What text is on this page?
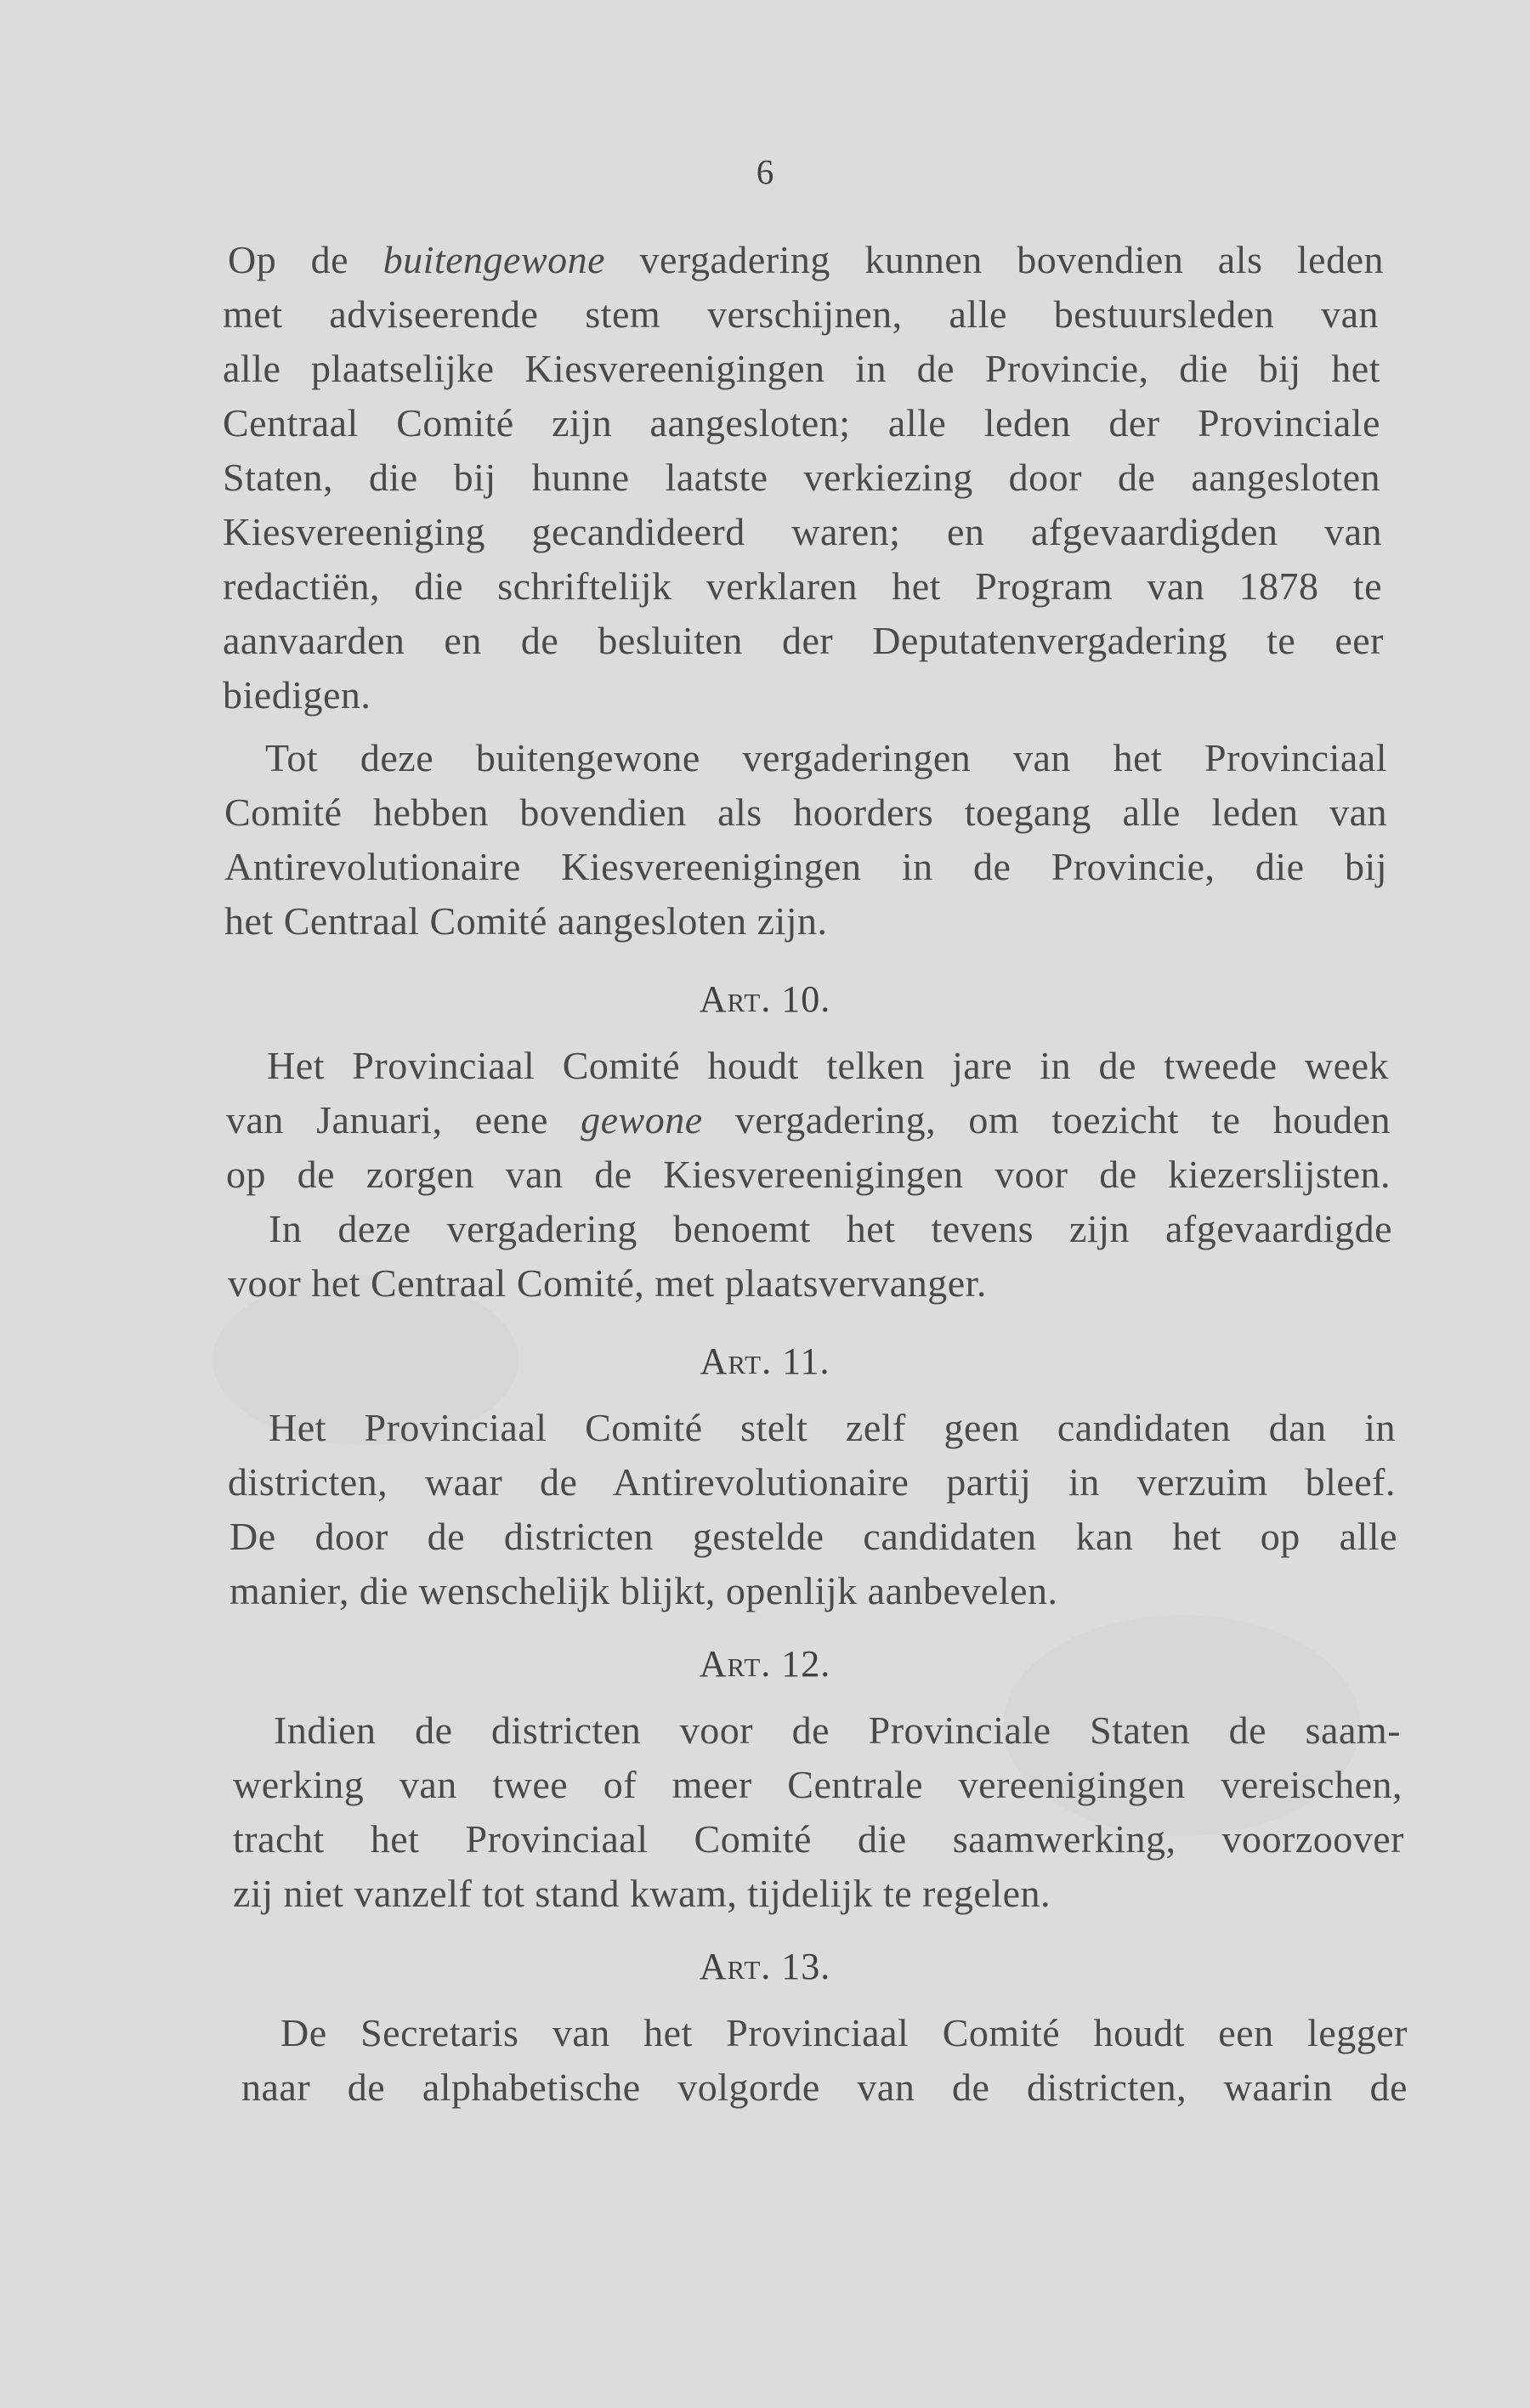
6
Op de buitengewone vergadering kunnen bovendien als leden
met adviseerende stem verschijnen, alle bestuursleden van
alle plaatselijke Kiesvereenigingen in de Provincie, die bij het
Centraal Comité zijn aangesloten; alle leden der Provinciale
Staten, die bij hunne laatste verkiezing door de aangesloten
Kiesvereeniging gecandideerd waren; en afgevaardigden van
redactiën, die schriftelijk verklaren het Program van 1878 te
aanvaarden en de besluiten der Deputatenvergadering te eer
biedigen.
Tot deze buitengewone vergaderingen van het Provinciaal
Comité hebben bovendien als hoorders toegang alle leden van
Antirevolutionaire Kiesvereenigingen in de Provincie, die bij
het Centraal Comité aangesloten zijn.
Art. 10.
Het Provinciaal Comité houdt telken jare in de tweede week
van Januari, eene gewone vergadering, om toezicht te houden
op de zorgen van de Kiesvereenigingen voor de kiezerslijsten.
In deze vergadering benoemt het tevens zijn afgevaardigde
voor het Centraal Comité, met plaatsvervanger.
Art. 11.
Het Provinciaal Comité stelt zelf geen candidaten dan in
districten, waar de Antirevolutionaire partij in verzuim bleef.
De door de districten gestelde candidaten kan het op alle
manier, die wenschelijk blijkt, openlijk aanbevelen.
Art. 12.
Indien de districten voor de Provinciale Staten de saam-
werking van twee of meer Centrale vereenigingen vereischen,
tracht het Provinciaal Comité die saamwerking, voorzoover
zij niet vanzelf tot stand kwam, tijdelijk te regelen.
Art. 13.
De Secretaris van het Provinciaal Comité houdt een legger
naar de alphabetische volgorde van de districten, waarin de
